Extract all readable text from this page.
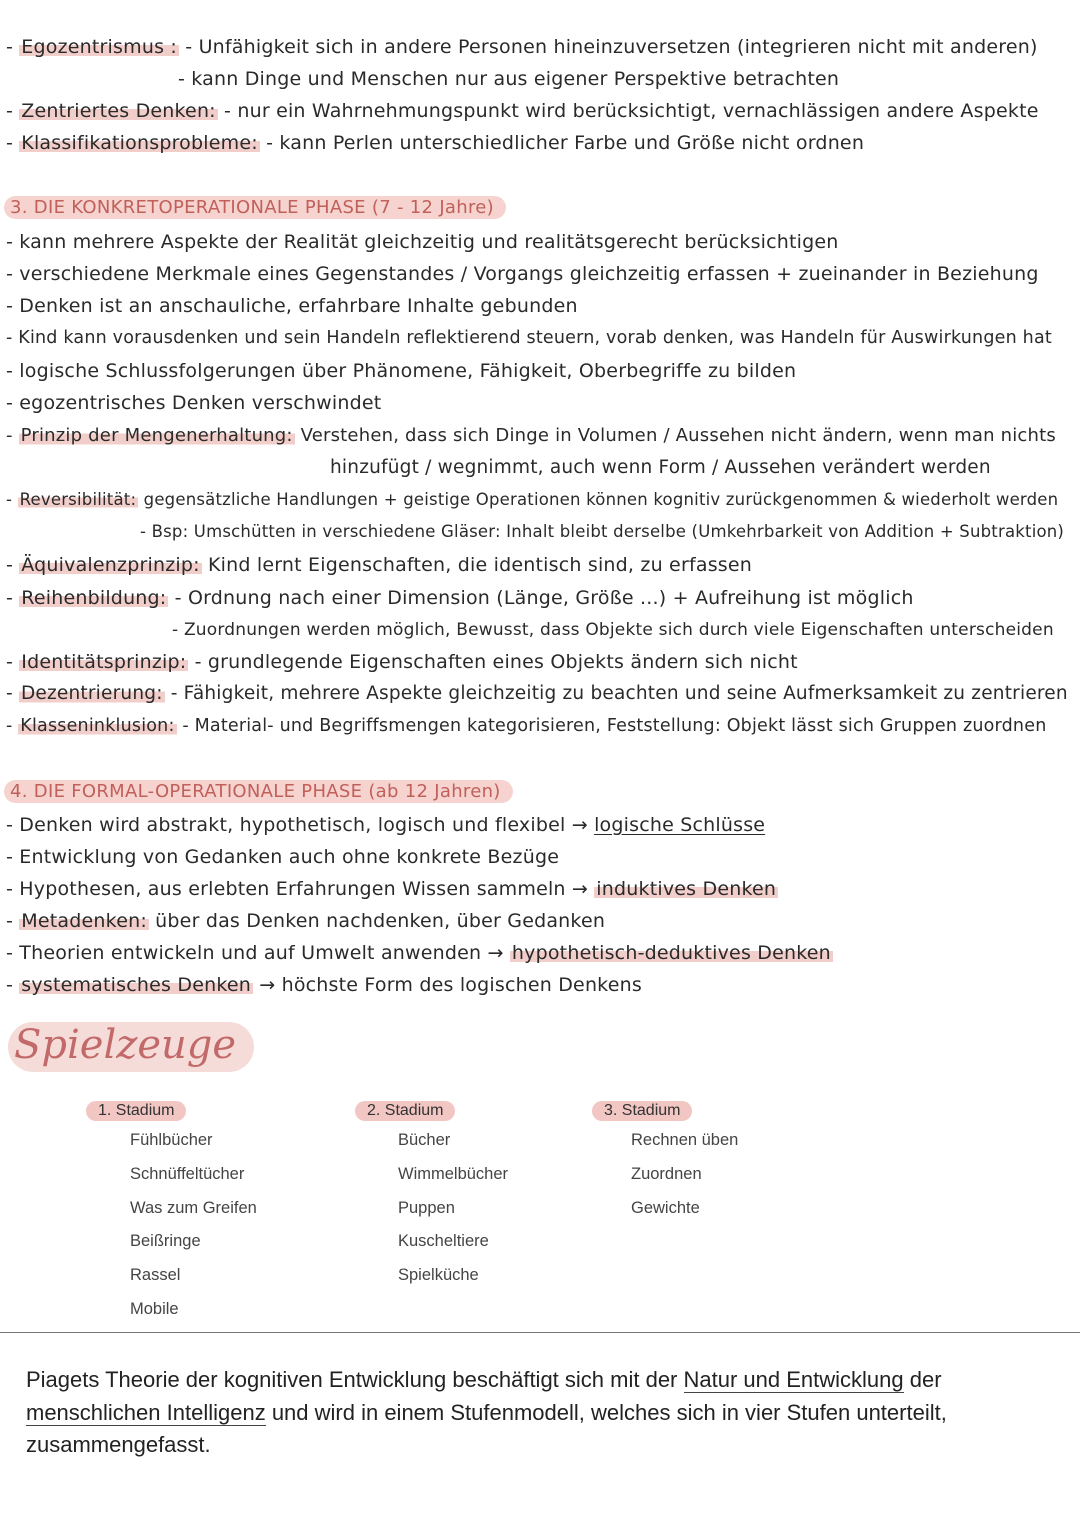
- Egozentrismus : - Unfähigkeit sich in andere Personen hineinzuversetzen (integrieren nicht mit anderen)
- kann Dinge und Menschen nur aus eigener Perspektive betrachten
- Zentriertes Denken: - nur ein Wahrnehmungspunkt wird berücksichtigt, vernachlässigen andere Aspekte
- Klassifikationsprobleme: - kann Perlen unterschiedlicher Farbe und Größe nicht ordnen
3. DIE KONKRETOPERATIONALE PHASE (7 - 12 Jahre)
- kann mehrere Aspekte der Realität gleichzeitig und realitätsgerecht berücksichtigen
- verschiedene Merkmale eines Gegenstandes / Vorgangs gleichzeitig erfassen + zueinander in Beziehung
- Denken ist an anschauliche, erfahrbare Inhalte gebunden
- Kind kann vorausdenken und sein Handeln reflektierend steuern, vorab denken, was Handeln für Auswirkungen hat
- logische Schlussfolgerungen über Phänomene, Fähigkeit, Oberbegriffe zu bilden
- egozentrisches Denken verschwindet
- Prinzip der Mengenerhaltung: Verstehen, dass sich Dinge in Volumen / Aussehen nicht ändern, wenn man nichts
hinzufügt / wegnimmt, auch wenn Form / Aussehen verändert werden
- Reversibilität: gegensätzliche Handlungen + geistige Operationen können kognitiv zurückgenommen & wiederholt werden
- Bsp: Umschütten in verschiedene Gläser: Inhalt bleibt derselbe (Umkehrbarkeit von Addition + Subtraktion)
- Äquivalenzprinzip: Kind lernt Eigenschaften, die identisch sind, zu erfassen
- Reihenbildung: - Ordnung nach einer Dimension (Länge, Größe ...) + Aufreihung ist möglich
- Zuordnungen werden möglich, Bewusst, dass Objekte sich durch viele Eigenschaften unterscheiden
- Identitätsprinzip: - grundlegende Eigenschaften eines Objekts ändern sich nicht
- Dezentrierung: - Fähigkeit, mehrere Aspekte gleichzeitig zu beachten und seine Aufmerksamkeit zu zentrieren
- Klasseninklusion: - Material- und Begriffsmengen kategorisieren, Feststellung: Objekt lässt sich Gruppen zuordnen
4. DIE FORMAL-OPERATIONALE PHASE (ab 12 Jahren)
- Denken wird abstrakt, hypothetisch, logisch und flexibel → logische Schlüsse
- Entwicklung von Gedanken auch ohne konkrete Bezüge
- Hypothesen, aus erlebten Erfahrungen Wissen sammeln → induktives Denken
- Metadenken: über das Denken nachdenken, über Gedanken
- Theorien entwickeln und auf Umwelt anwenden → hypothetisch-deduktives Denken
- systematisches Denken → höchste Form des logischen Denkens
Spielzeuge
1. Stadium
Fühlbücher
Schnüffeltücher
Was zum Greifen
Beißringe
Rassel
Mobile
2. Stadium
Bücher
Wimmelbücher
Puppen
Kuscheltiere
Spielküche
3. Stadium
Rechnen üben
Zuordnen
Gewichte
Piagets Theorie der kognitiven Entwicklung beschäftigt sich mit der Natur und Entwicklung der menschlichen Intelligenz und wird in einem Stufenmodell, welches sich in vier Stufen unterteilt, zusammengefasst.
